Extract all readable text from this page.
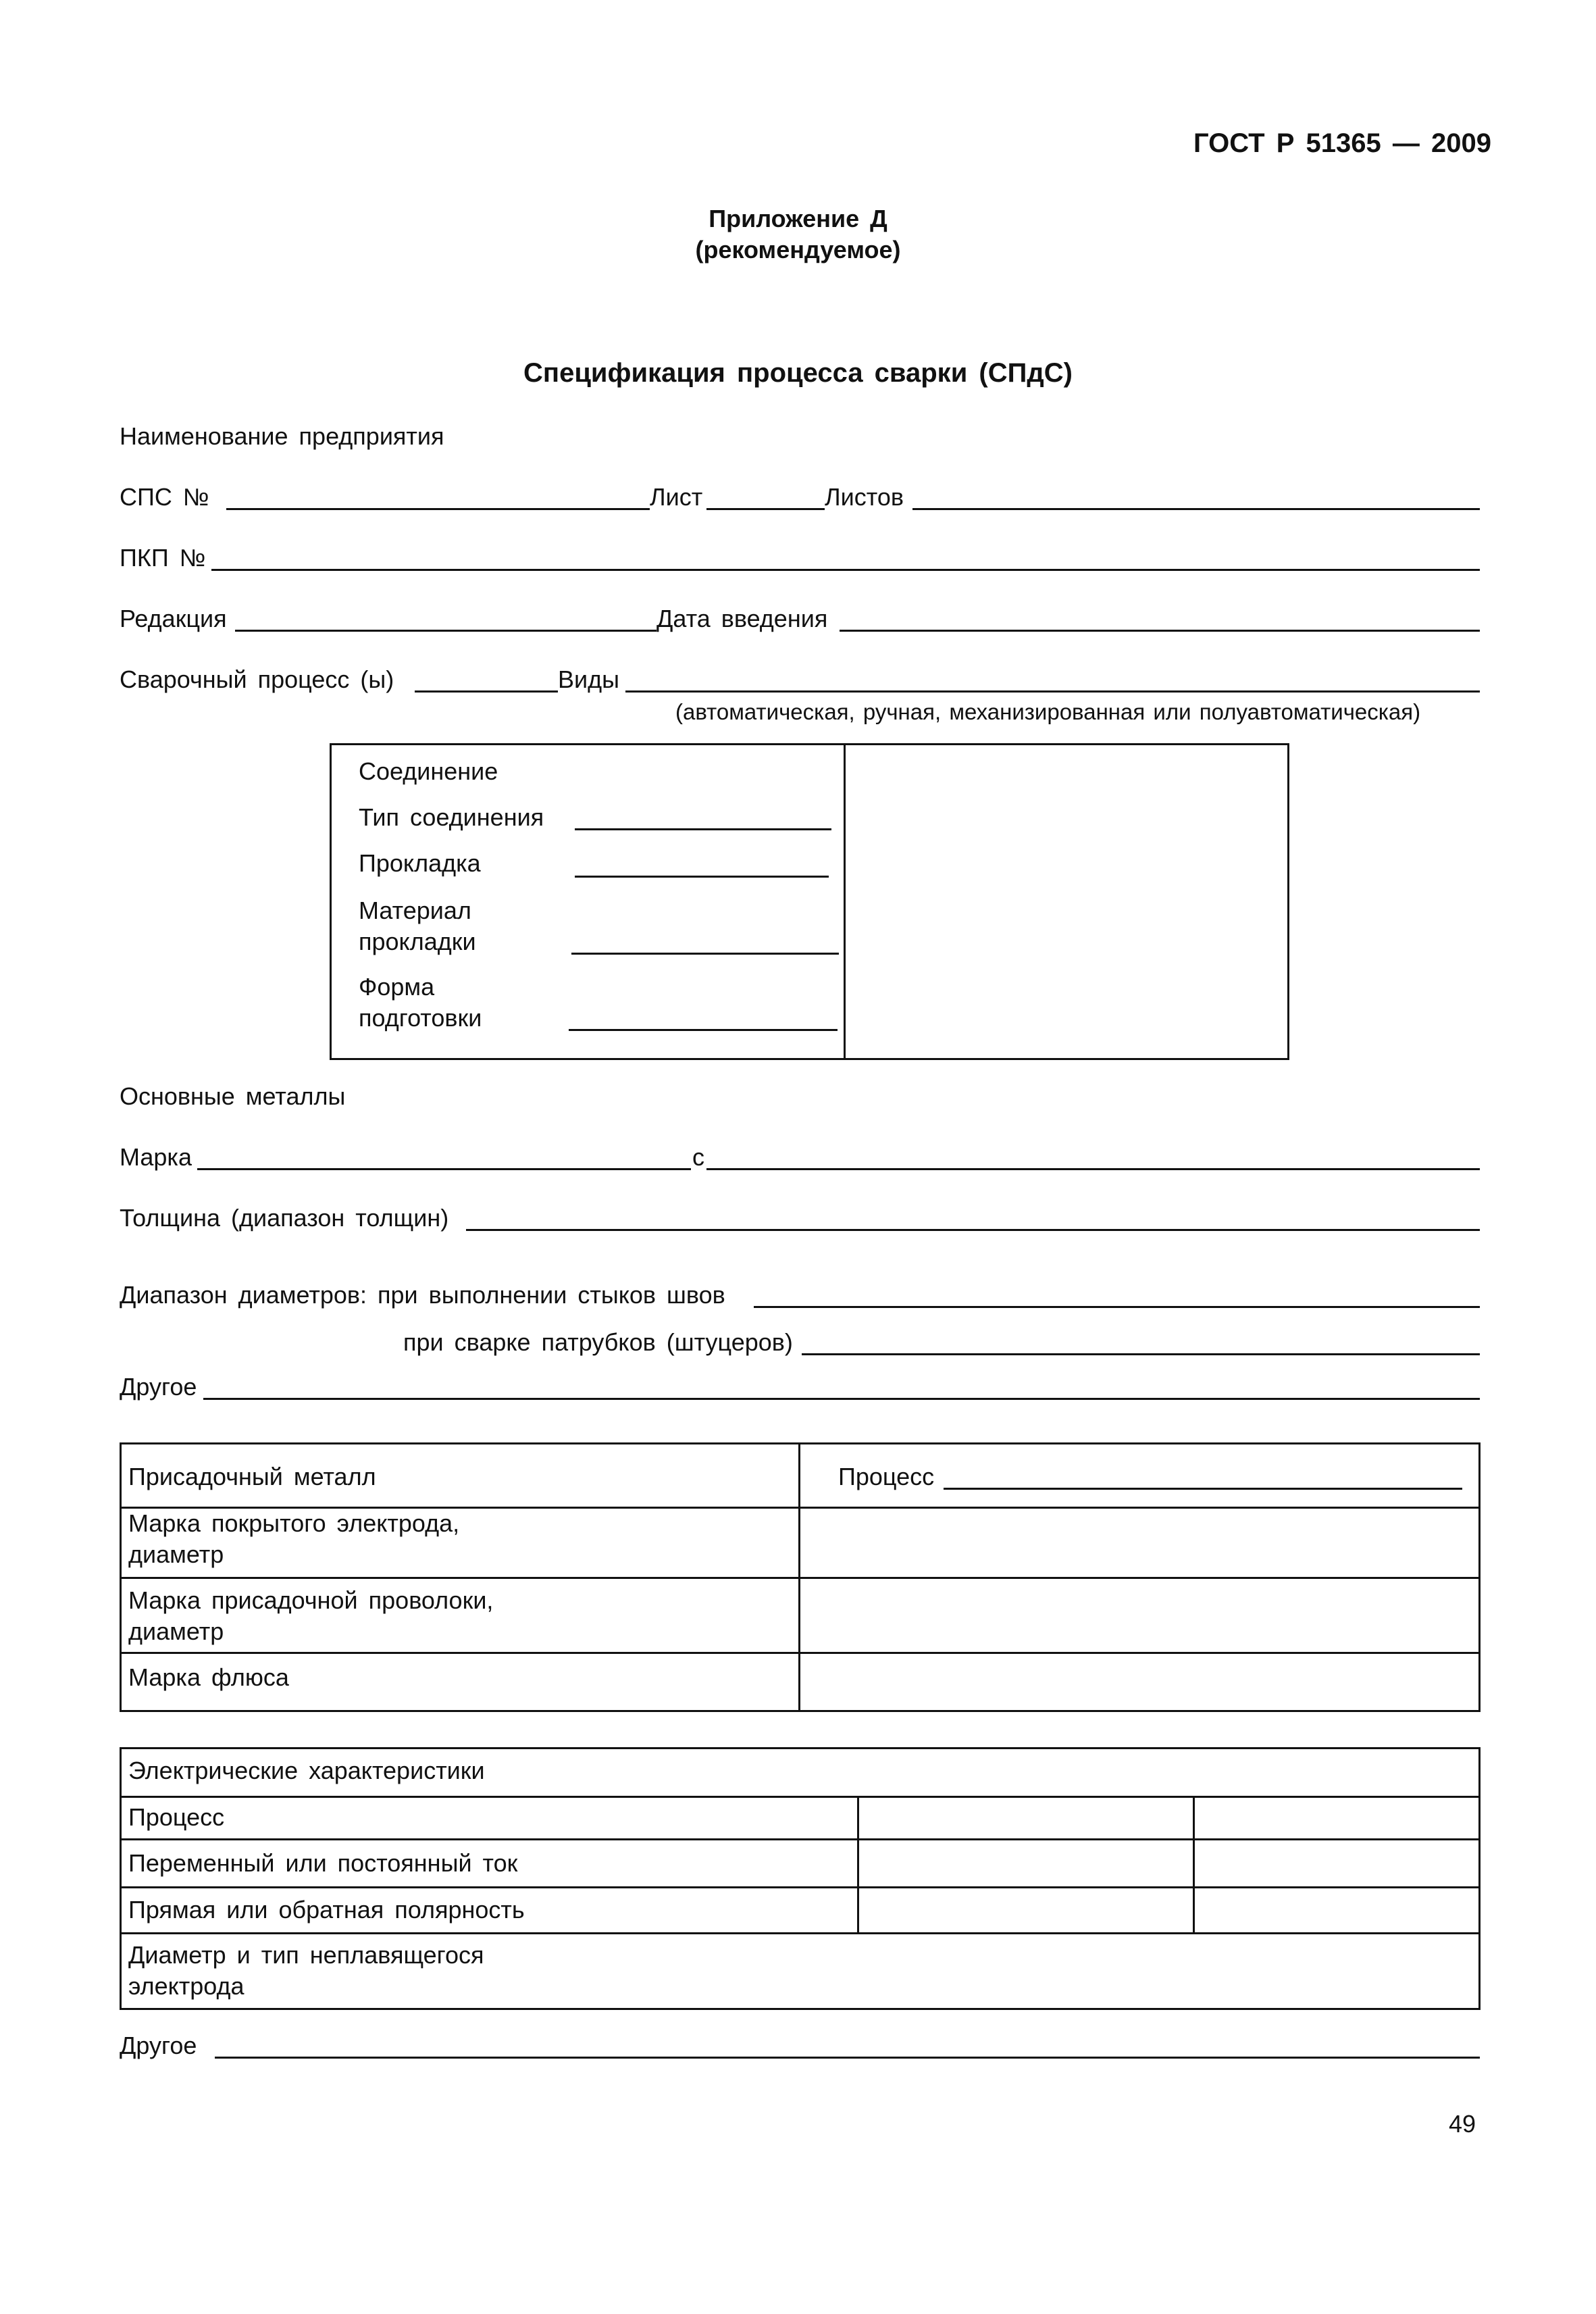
ГОСТ Р 51365 — 2009
Приложение Д
(рекомендуемое)
Спецификация процесса сварки (СПдС)
Наименование предприятия
СПС №	Лист	Листов
ПКП №
Редакция	Дата введения
Сварочный процесс (ы)	Виды
(автоматическая, ручная, механизированная или полуавтоматическая)
Соединение
Тип соединения
Прокладка
Материал
прокладки
Форма
подготовки
Основные металлы
Марка	с
Толщина (диапазон толщин)
Диапазон диаметров: при выполнении стыков швов
при сварке патрубков (штуцеров)
Другое
Присадочный металл	Процесс
Марка покрытого электрода,
диаметр
Марка присадочной проволоки,
диаметр
Марка флюса
Электрические характеристики
Процесс
Переменный или постоянный ток
Прямая или обратная полярность
Диаметр и тип неплавящегося
электрода
Другое
49
